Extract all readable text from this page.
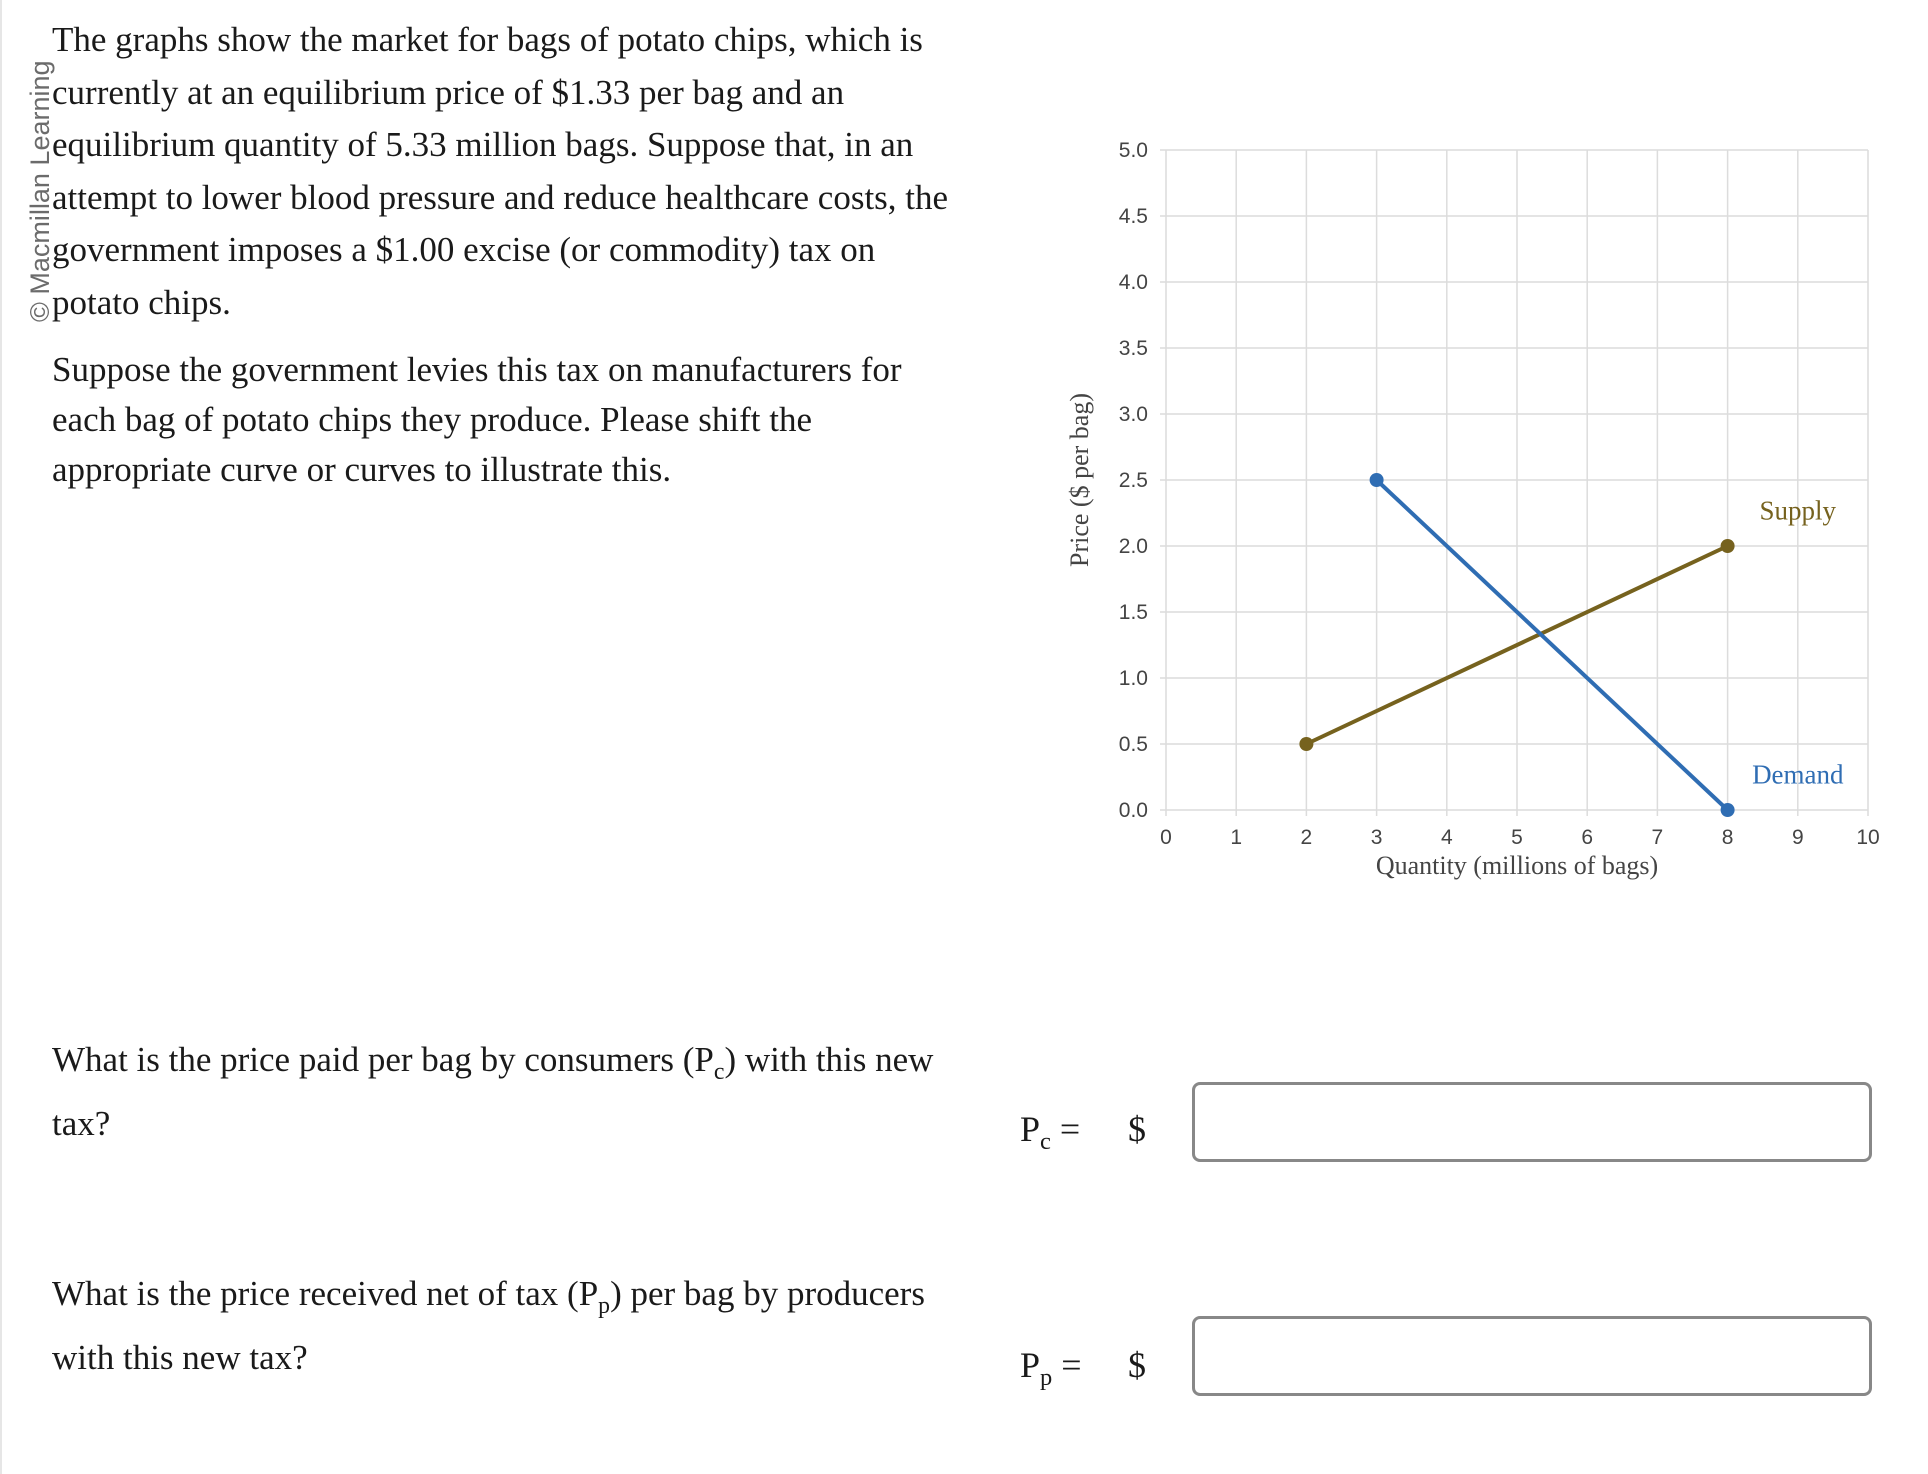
© Macmillan Learning

The graphs show the market for bags of potato chips, which is currently at an equilibrium price of $1.33 per bag and an equilibrium quantity of 5.33 million bags. Suppose that, in an attempt to lower blood pressure and reduce healthcare costs, the government imposes a $1.00 excise (or commodity) tax on potato chips.

Suppose the government levies this tax on manufacturers for each bag of potato chips they produce. Please shift the appropriate curve or curves to illustrate this.

0	1	2	3	4	5	6	7	8	9	10
0.0
0.5
1.0
1.5
2.0
2.5
3.0
3.5
4.0
4.5
5.0
Quantity (millions of bags)
Price ($ per bag)	Supply
Demand

What is the price paid per bag by consumers $(P_c)$ with this new tax?	$P_c$ = $

What is the price received net of tax $(P_p)$ per bag by producers with this new tax?	$P_p$ = $
